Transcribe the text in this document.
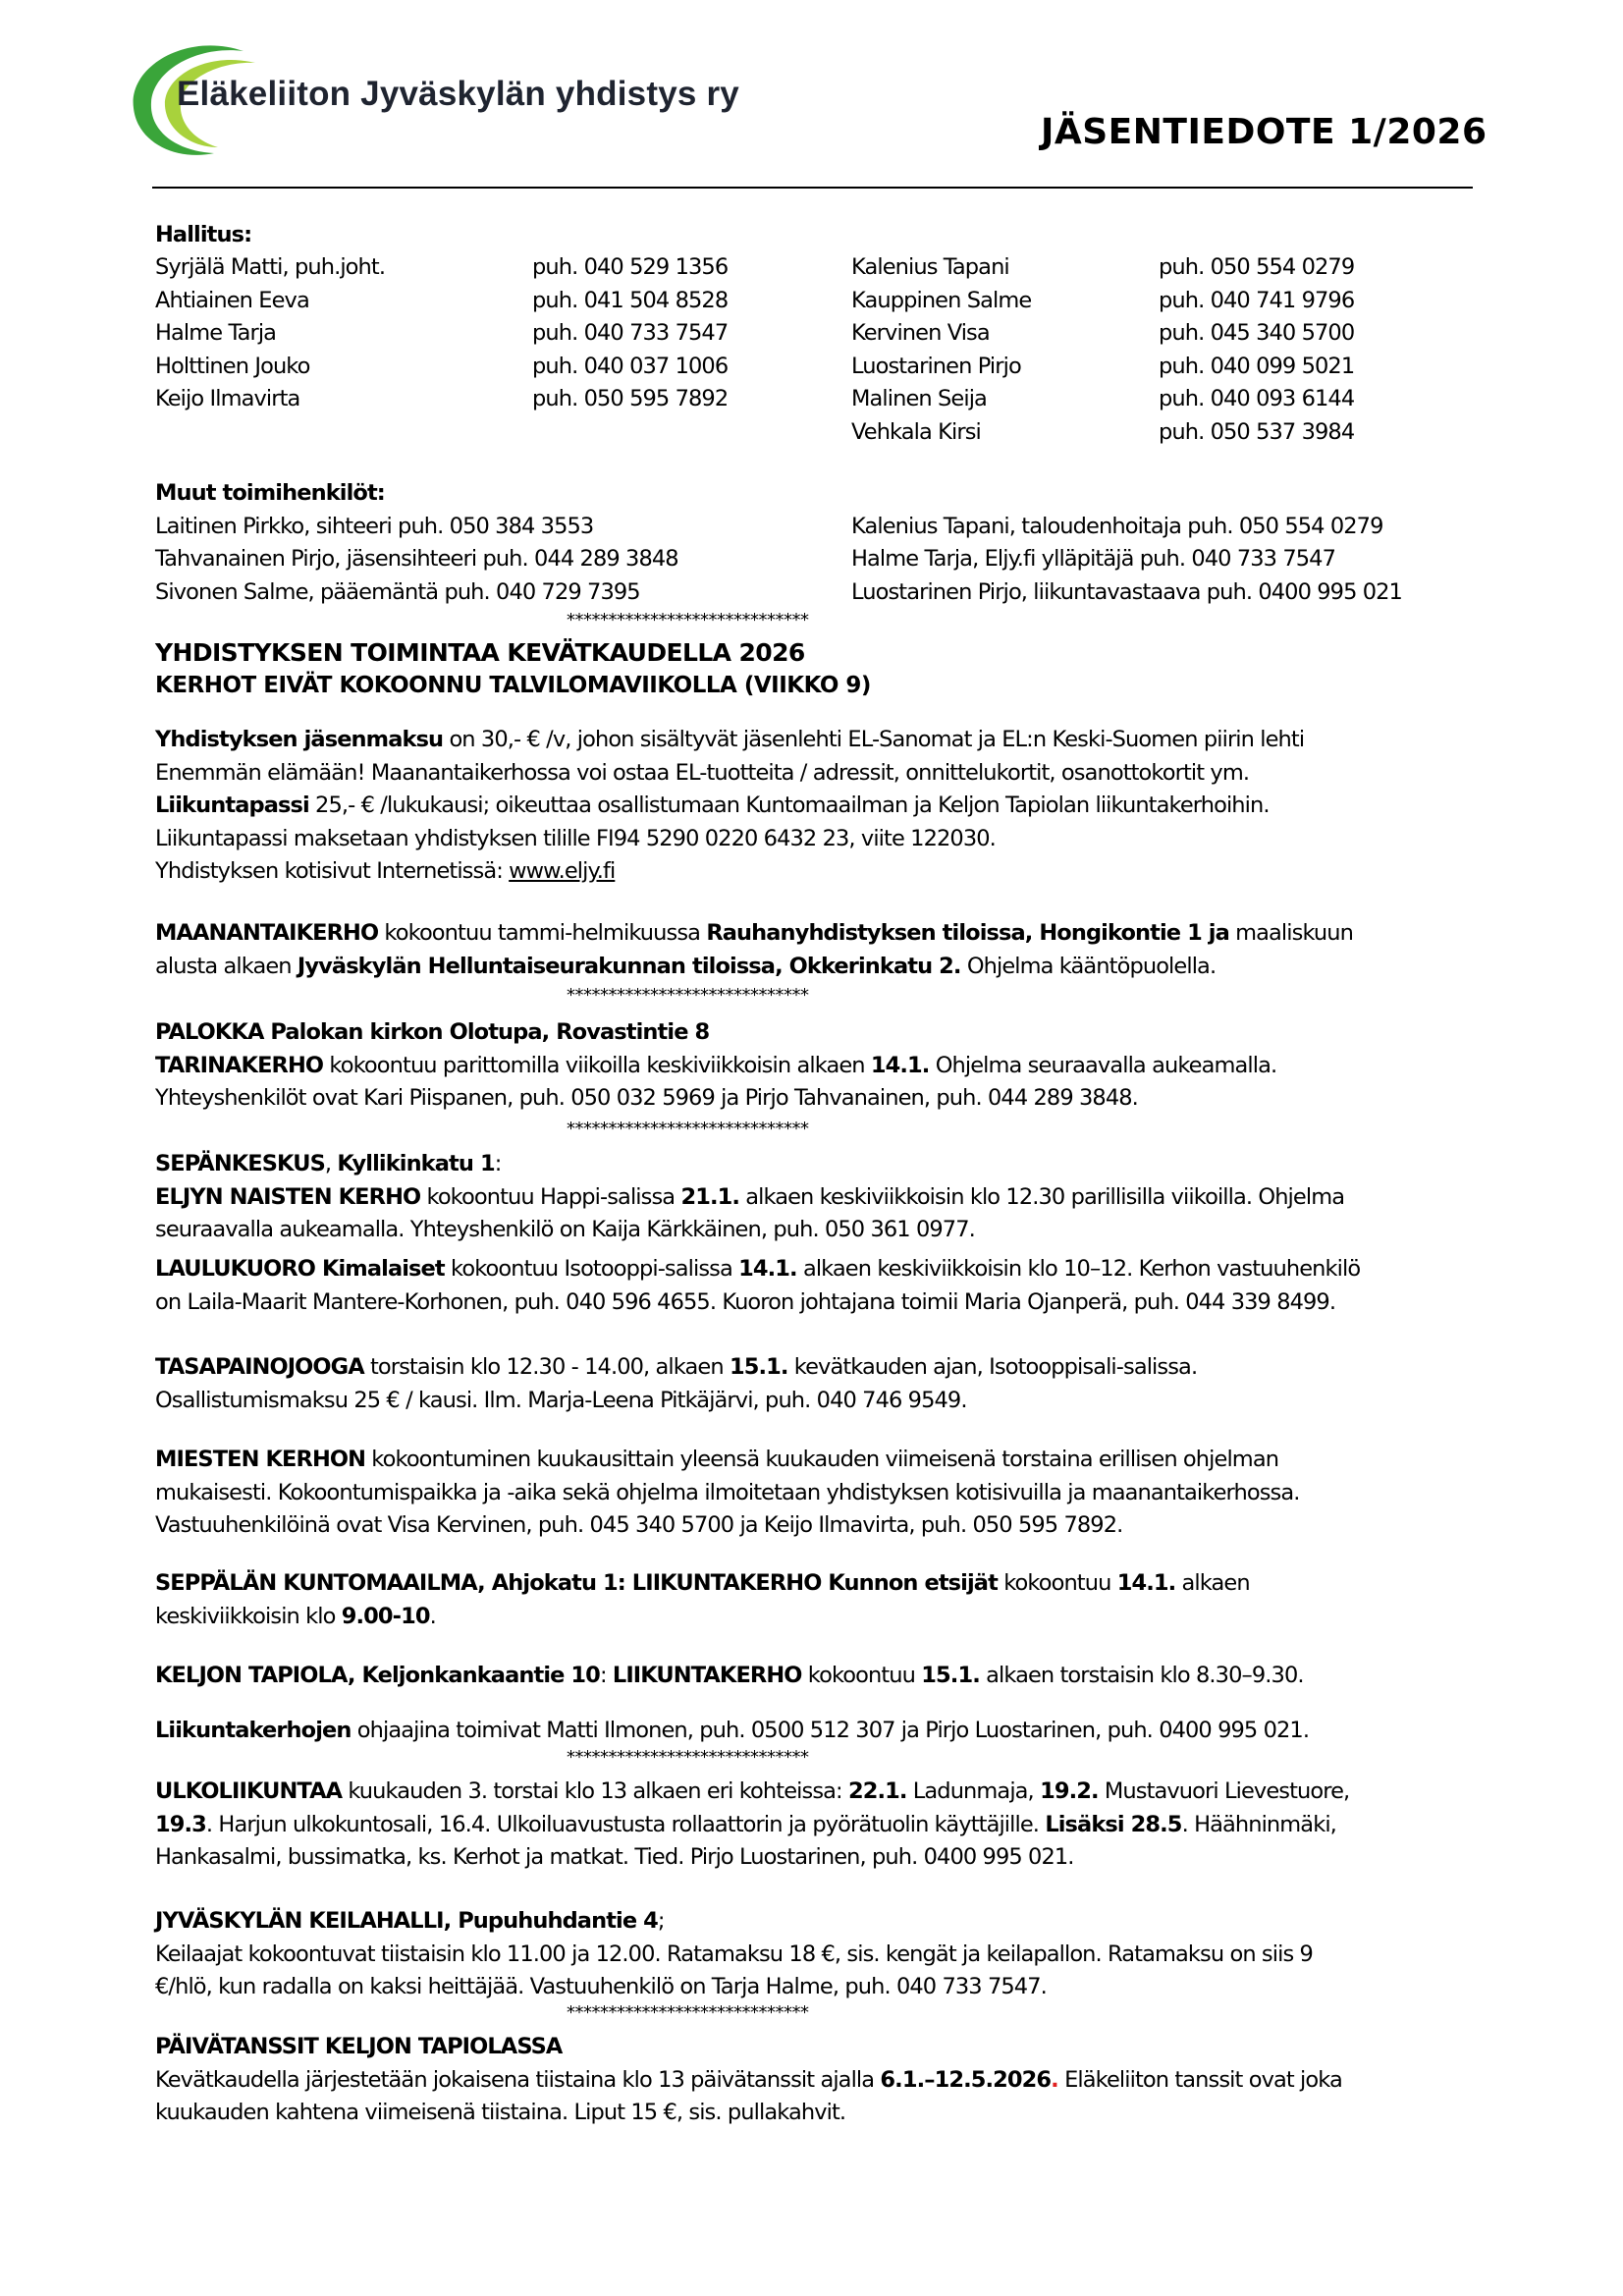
Eläkeliiton Jyväskylän yhdistys ry
JÄSENTIEDOTE 1/2026
Hallitus:
Syrjälä Matti, puh.joht.	puh. 040 529 1356
Ahtiainen Eeva	puh. 041 504 8528
Halme Tarja	puh. 040 733 7547
Holttinen Jouko	puh. 040 037 1006
Keijo Ilmavirta	puh. 050 595 7892
Kalenius Tapani	puh. 050 554 0279
Kauppinen Salme	puh. 040 741 9796
Kervinen Visa	puh. 045 340 5700
Luostarinen Pirjo	puh. 040 099 5021
Malinen Seija	puh. 040 093 6144
Vehkala Kirsi	puh. 050 537 3984
Muut toimihenkilöt:
Laitinen Pirkko, sihteeri puh. 050 384 3553
Tahvanainen Pirjo, jäsensihteeri puh. 044 289 3848
Sivonen Salme, pääemäntä puh. 040 729 7395
Kalenius Tapani, taloudenhoitaja puh. 050 554 0279
Halme Tarja, Eljy.fi ylläpitäjä puh. 040 733 7547
Luostarinen Pirjo, liikuntavastaava puh. 0400 995 021
*****************************
YHDISTYKSEN TOIMINTAA KEVÄTKAUDELLA 2026
KERHOT EIVÄT KOKOONNU TALVILOMAVIIKOLLA (VIIKKO 9)

Yhdistyksen jäsenmaksu on 30,- € /v, johon sisältyvät jäsenlehti EL-Sanomat ja EL:n Keski-Suomen piirin lehti

Enemmän elämään! Maanantaikerhossa voi ostaa EL-tuotteita / adressit, onnittelukortit, osanottokortit ym.

Liikuntapassi 25,- € /lukukausi; oikeuttaa osallistumaan Kuntomaailman ja Keljon Tapiolan liikuntakerhoihin.

Liikuntapassi maksetaan yhdistyksen tilille FI94 5290 0220 6432 23, viite 122030.

Yhdistyksen kotisivut Internetissä: www.eljy.fi

MAANANTAIKERHO kokoontuu tammi-helmikuussa Rauhanyhdistyksen tiloissa, Hongikontie 1 ja maaliskuun

alusta alkaen Jyväskylän Helluntaiseurakunnan tiloissa, Okkerinkatu 2. Ohjelma kääntöpuolella.

*****************************

PALOKKA Palokan kirkon Olotupa, Rovastintie 8

TARINAKERHO kokoontuu parittomilla viikoilla keskiviikkoisin alkaen 14.1. Ohjelma seuraavalla aukeamalla.

Yhteyshenkilöt ovat Kari Piispanen, puh. 050 032 5969 ja Pirjo Tahvanainen, puh. 044 289 3848.

*****************************

SEPÄNKESKUS, Kyllikinkatu 1:

ELJYN NAISTEN KERHO kokoontuu Happi-salissa 21.1. alkaen keskiviikkoisin klo 12.30 parillisilla viikoilla. Ohjelma

seuraavalla aukeamalla. Yhteyshenkilö on Kaija Kärkkäinen, puh. 050 361 0977.

LAULUKUORO Kimalaiset kokoontuu Isotooppi-salissa 14.1. alkaen keskiviikkoisin klo 10–12. Kerhon vastuuhenkilö

on Laila-Maarit Mantere-Korhonen, puh. 040 596 4655. Kuoron johtajana toimii Maria Ojanperä, puh. 044 339 8499.

TASAPAINOJOOGA torstaisin klo 12.30 - 14.00, alkaen 15.1. kevätkauden ajan, Isotooppisali-salissa.

Osallistumismaksu 25 € / kausi. Ilm. Marja-Leena Pitkäjärvi, puh. 040 746 9549.

MIESTEN KERHON kokoontuminen kuukausittain yleensä kuukauden viimeisenä torstaina erillisen ohjelman

mukaisesti. Kokoontumispaikka ja -aika sekä ohjelma ilmoitetaan yhdistyksen kotisivuilla ja maanantaikerhossa.

Vastuuhenkilöinä ovat Visa Kervinen, puh. 045 340 5700 ja Keijo Ilmavirta, puh. 050 595 7892.

SEPPÄLÄN KUNTOMAAILMA, Ahjokatu 1: LIIKUNTAKERHO Kunnon etsijät kokoontuu 14.1. alkaen

keskiviikkoisin klo 9.00-10.

KELJON TAPIOLA, Keljonkankaantie 10: LIIKUNTAKERHO kokoontuu 15.1. alkaen torstaisin klo 8.30–9.30.

Liikuntakerhojen ohjaajina toimivat Matti Ilmonen, puh. 0500 512 307 ja Pirjo Luostarinen, puh. 0400 995 021.

*****************************

ULKOLIIKUNTAA kuukauden 3. torstai klo 13 alkaen eri kohteissa: 22.1. Ladunmaja, 19.2. Mustavuori Lievestuore,

19.3. Harjun ulkokuntosali, 16.4. Ulkoiluavustusta rollaattorin ja pyörätuolin käyttäjille. Lisäksi 28.5. Häähninmäki,

Hankasalmi, bussimatka, ks. Kerhot ja matkat. Tied. Pirjo Luostarinen, puh. 0400 995 021.

JYVÄSKYLÄN KEILAHALLI, Pupuhuhdantie 4;

Keilaajat kokoontuvat tiistaisin klo 11.00 ja 12.00. Ratamaksu 18 €, sis. kengät ja keilapallon. Ratamaksu on siis 9

€/hlö, kun radalla on kaksi heittäjää. Vastuuhenkilö on Tarja Halme, puh. 040 733 7547.

*****************************

PÄIVÄTANSSIT KELJON TAPIOLASSA

Kevätkaudella järjestetään jokaisena tiistaina klo 13 päivätanssit ajalla 6.1.–12.5.2026. Eläkeliiton tanssit ovat joka

kuukauden kahtena viimeisenä tiistaina. Liput 15 €, sis. pullakahvit.
